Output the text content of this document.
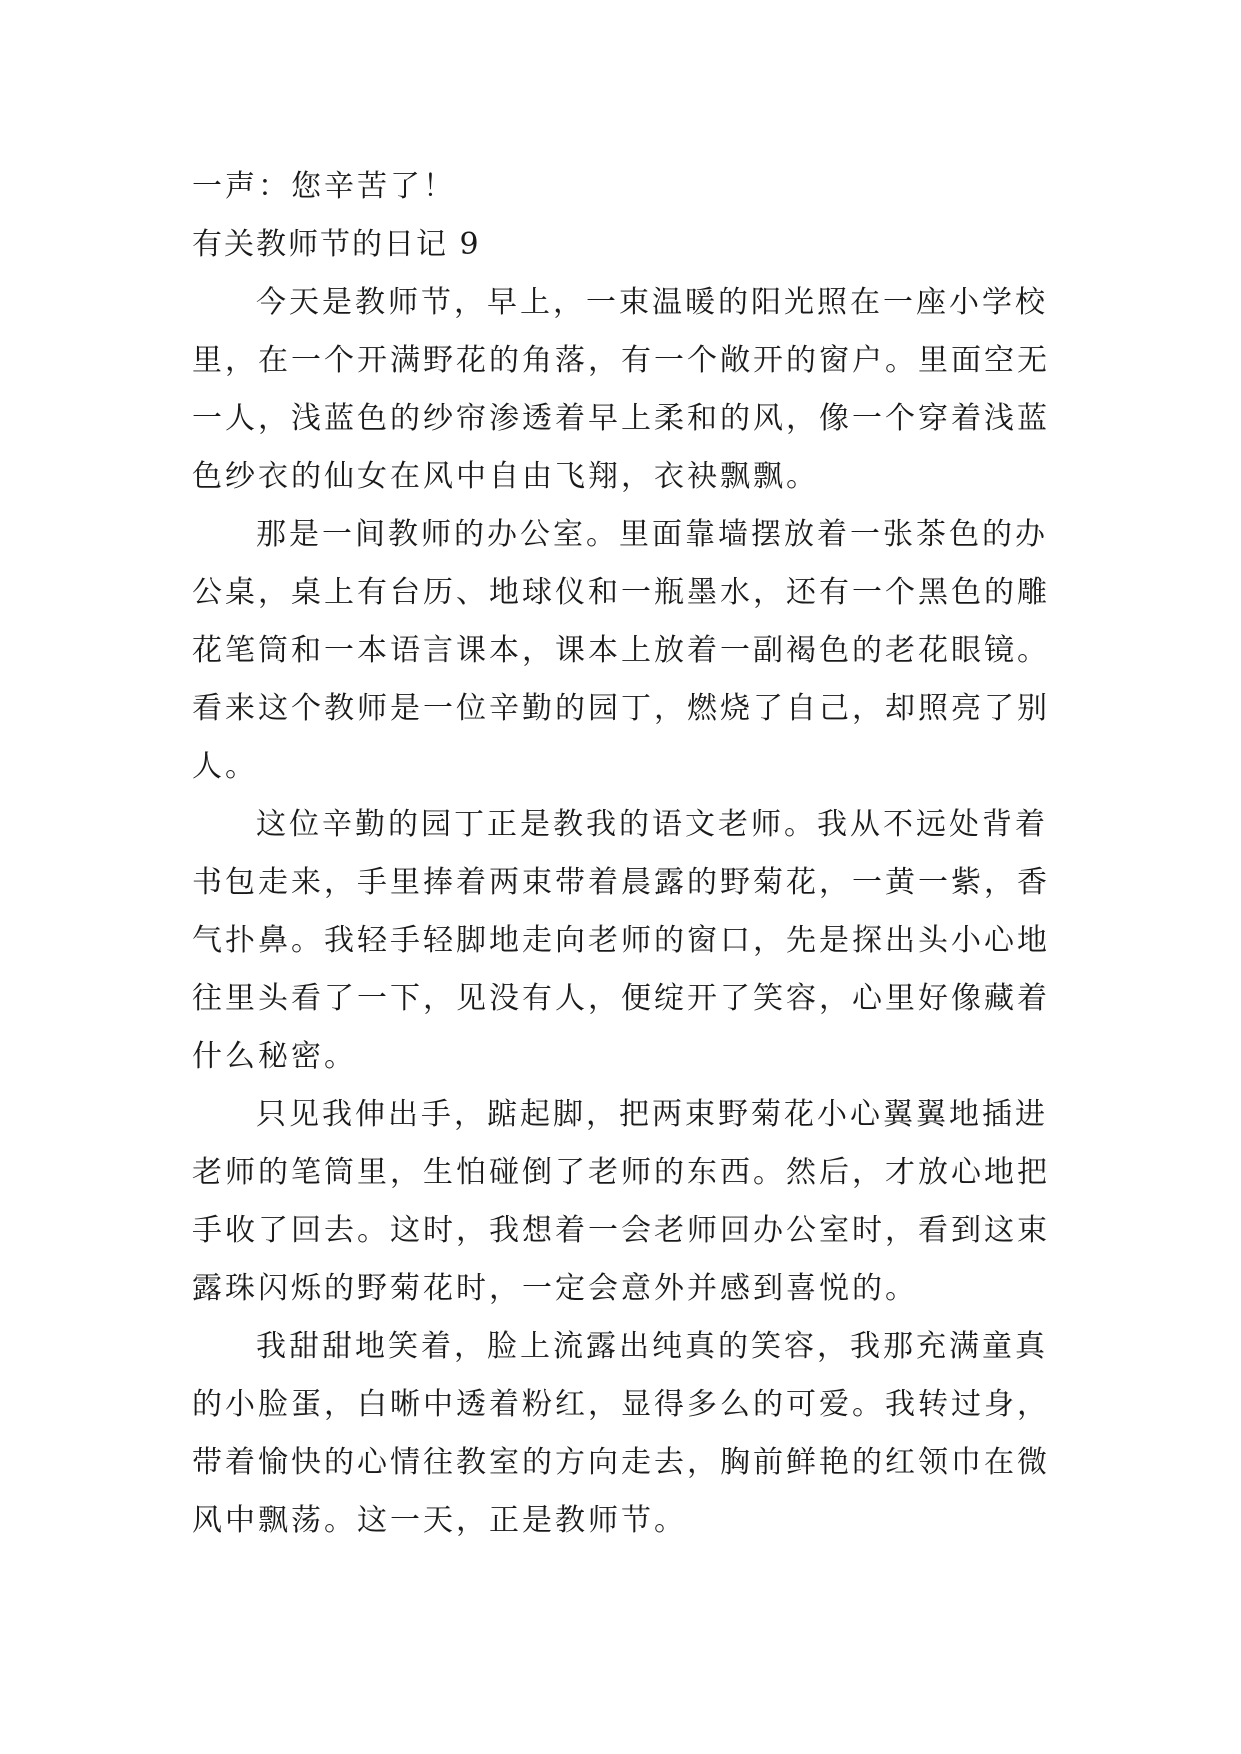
一声：您辛苦了！

有关教师节的日记 9

今天是教师节，早上，一束温暖的阳光照在一座小学校

里，在一个开满野花的角落，有一个敞开的窗户。里面空无

一人，浅蓝色的纱帘渗透着早上柔和的风，像一个穿着浅蓝

色纱衣的仙女在风中自由飞翔，衣袂飘飘。

那是一间教师的办公室。里面靠墙摆放着一张茶色的办

公桌，桌上有台历、地球仪和一瓶墨水，还有一个黑色的雕

花笔筒和一本语言课本，课本上放着一副褐色的老花眼镜。

看来这个教师是一位辛勤的园丁，燃烧了自己，却照亮了别

人。

这位辛勤的园丁正是教我的语文老师。我从不远处背着

书包走来，手里捧着两束带着晨露的野菊花，一黄一紫，香

气扑鼻。我轻手轻脚地走向老师的窗口，先是探出头小心地

往里头看了一下，见没有人，便绽开了笑容，心里好像藏着

什么秘密。

只见我伸出手，踮起脚，把两束野菊花小心翼翼地插进

老师的笔筒里，生怕碰倒了老师的东西。然后，才放心地把

手收了回去。这时，我想着一会老师回办公室时，看到这束

露珠闪烁的野菊花时，一定会意外并感到喜悦的。

我甜甜地笑着，脸上流露出纯真的笑容，我那充满童真

的小脸蛋，白晰中透着粉红，显得多么的可爱。我转过身，

带着愉快的心情往教室的方向走去，胸前鲜艳的红领巾在微

风中飘荡。这一天，正是教师节。
